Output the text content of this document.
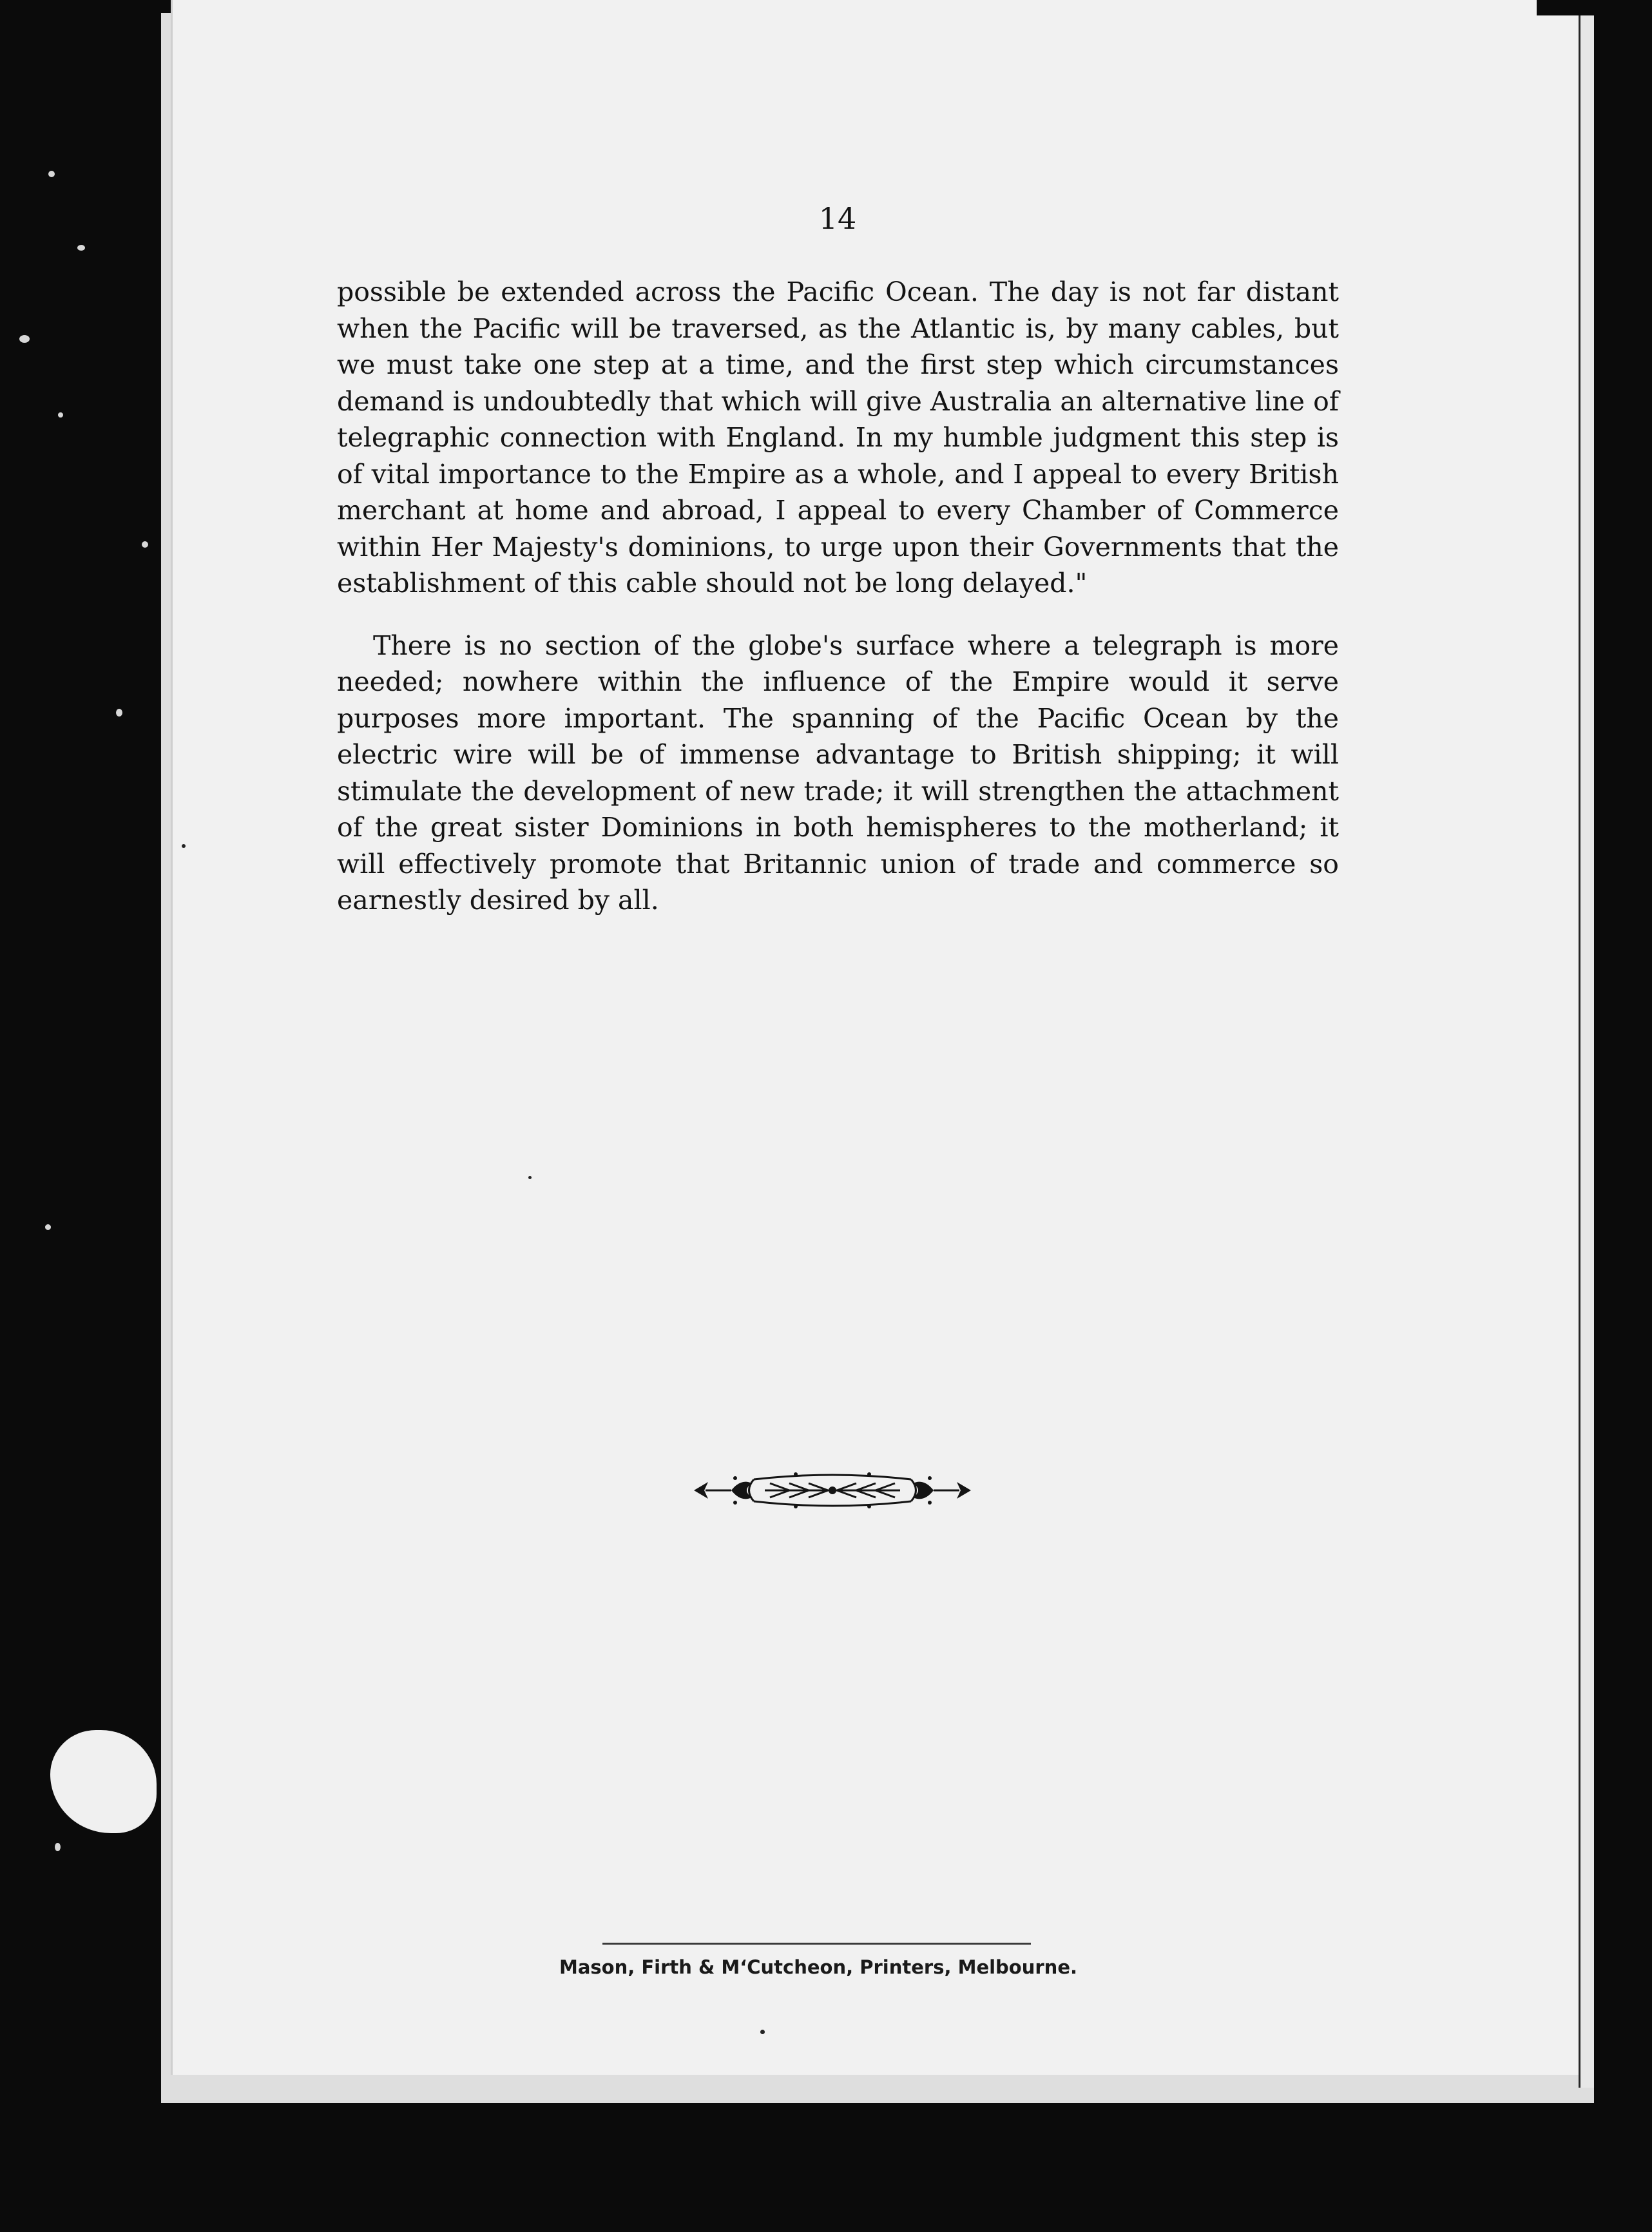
14

possible be extended across the Pacific Ocean. The day is not far distant when the Pacific will be traversed, as the Atlantic is, by many cables, but we must take one step at a time, and the first step which circumstances demand is undoubtedly that which will give Australia an alternative line of telegraphic connection with England. In my humble judgment this step is of vital importance to the Empire as a whole, and I appeal to every British merchant at home and abroad, I appeal to every Chamber of Commerce within Her Majesty's dominions, to urge upon their Governments that the establishment of this cable should not be long delayed."

There is no section of the globe's surface where a telegraph is more needed; nowhere within the influence of the Empire would it serve purposes more important. The spanning of the Pacific Ocean by the electric wire will be of immense advantage to British shipping; it will stimulate the development of new trade; it will strengthen the attachment of the great sister Dominions in both hemispheres to the motherland; it will effectively promote that Britannic union of trade and commerce so earnestly desired by all.

Mason, Firth & M‘Cutcheon, Printers, Melbourne.
